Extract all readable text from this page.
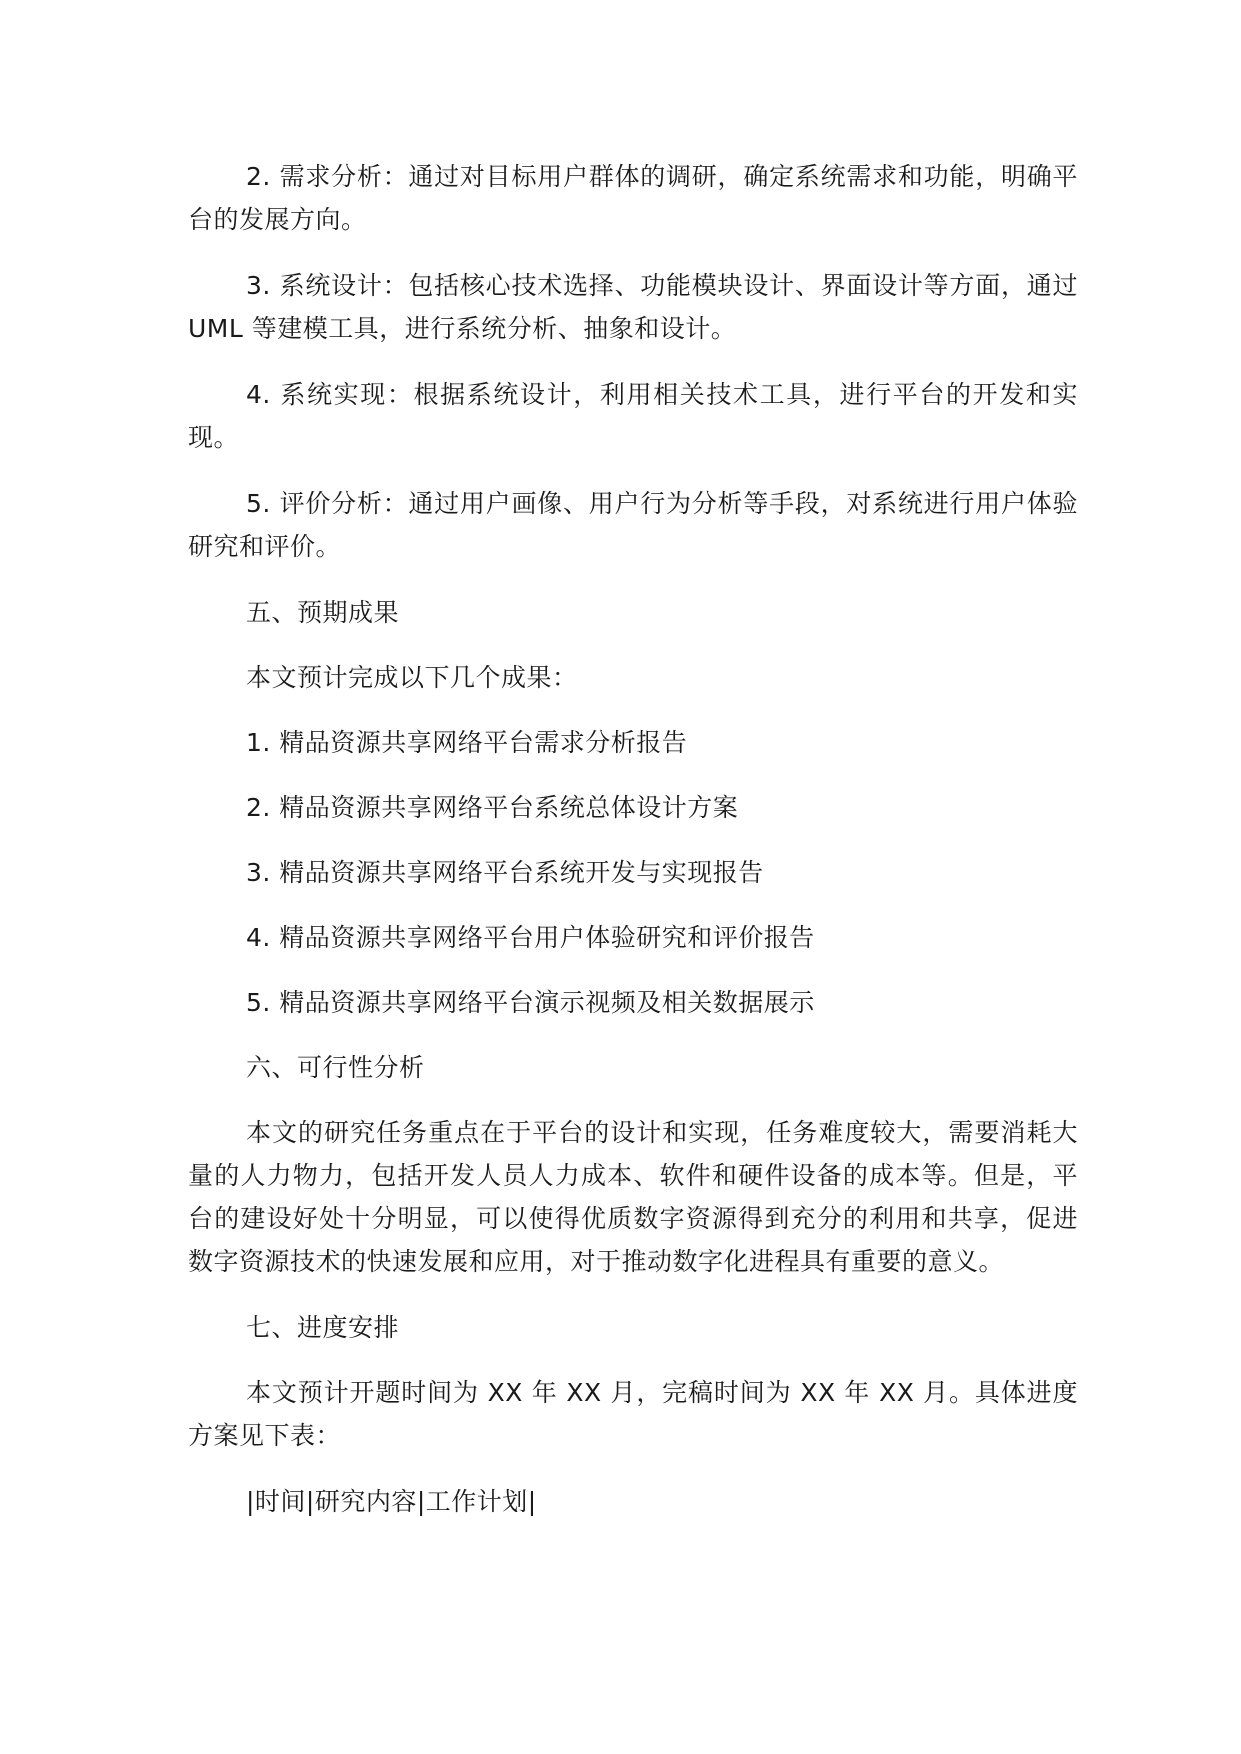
2. 需求分析：通过对目标用户群体的调研，确定系统需求和功能，明确平台的发展方向。

3. 系统设计：包括核心技术选择、功能模块设计、界面设计等方面，通过 UML 等建模工具，进行系统分析、抽象和设计。

4. 系统实现：根据系统设计，利用相关技术工具，进行平台的开发和实现。

5. 评价分析：通过用户画像、用户行为分析等手段，对系统进行用户体验研究和评价。

五、预期成果

本文预计完成以下几个成果：

1. 精品资源共享网络平台需求分析报告

2. 精品资源共享网络平台系统总体设计方案

3. 精品资源共享网络平台系统开发与实现报告

4. 精品资源共享网络平台用户体验研究和评价报告

5. 精品资源共享网络平台演示视频及相关数据展示

六、可行性分析

本文的研究任务重点在于平台的设计和实现，任务难度较大，需要消耗大量的人力物力，包括开发人员人力成本、软件和硬件设备的成本等。但是，平台的建设好处十分明显，可以使得优质数字资源得到充分的利用和共享，促进数字资源技术的快速发展和应用，对于推动数字化进程具有重要的意义。

七、进度安排

本文预计开题时间为 XX 年 XX 月，完稿时间为 XX 年 XX 月。具体进度方案见下表：

|时间|研究内容|工作计划|
